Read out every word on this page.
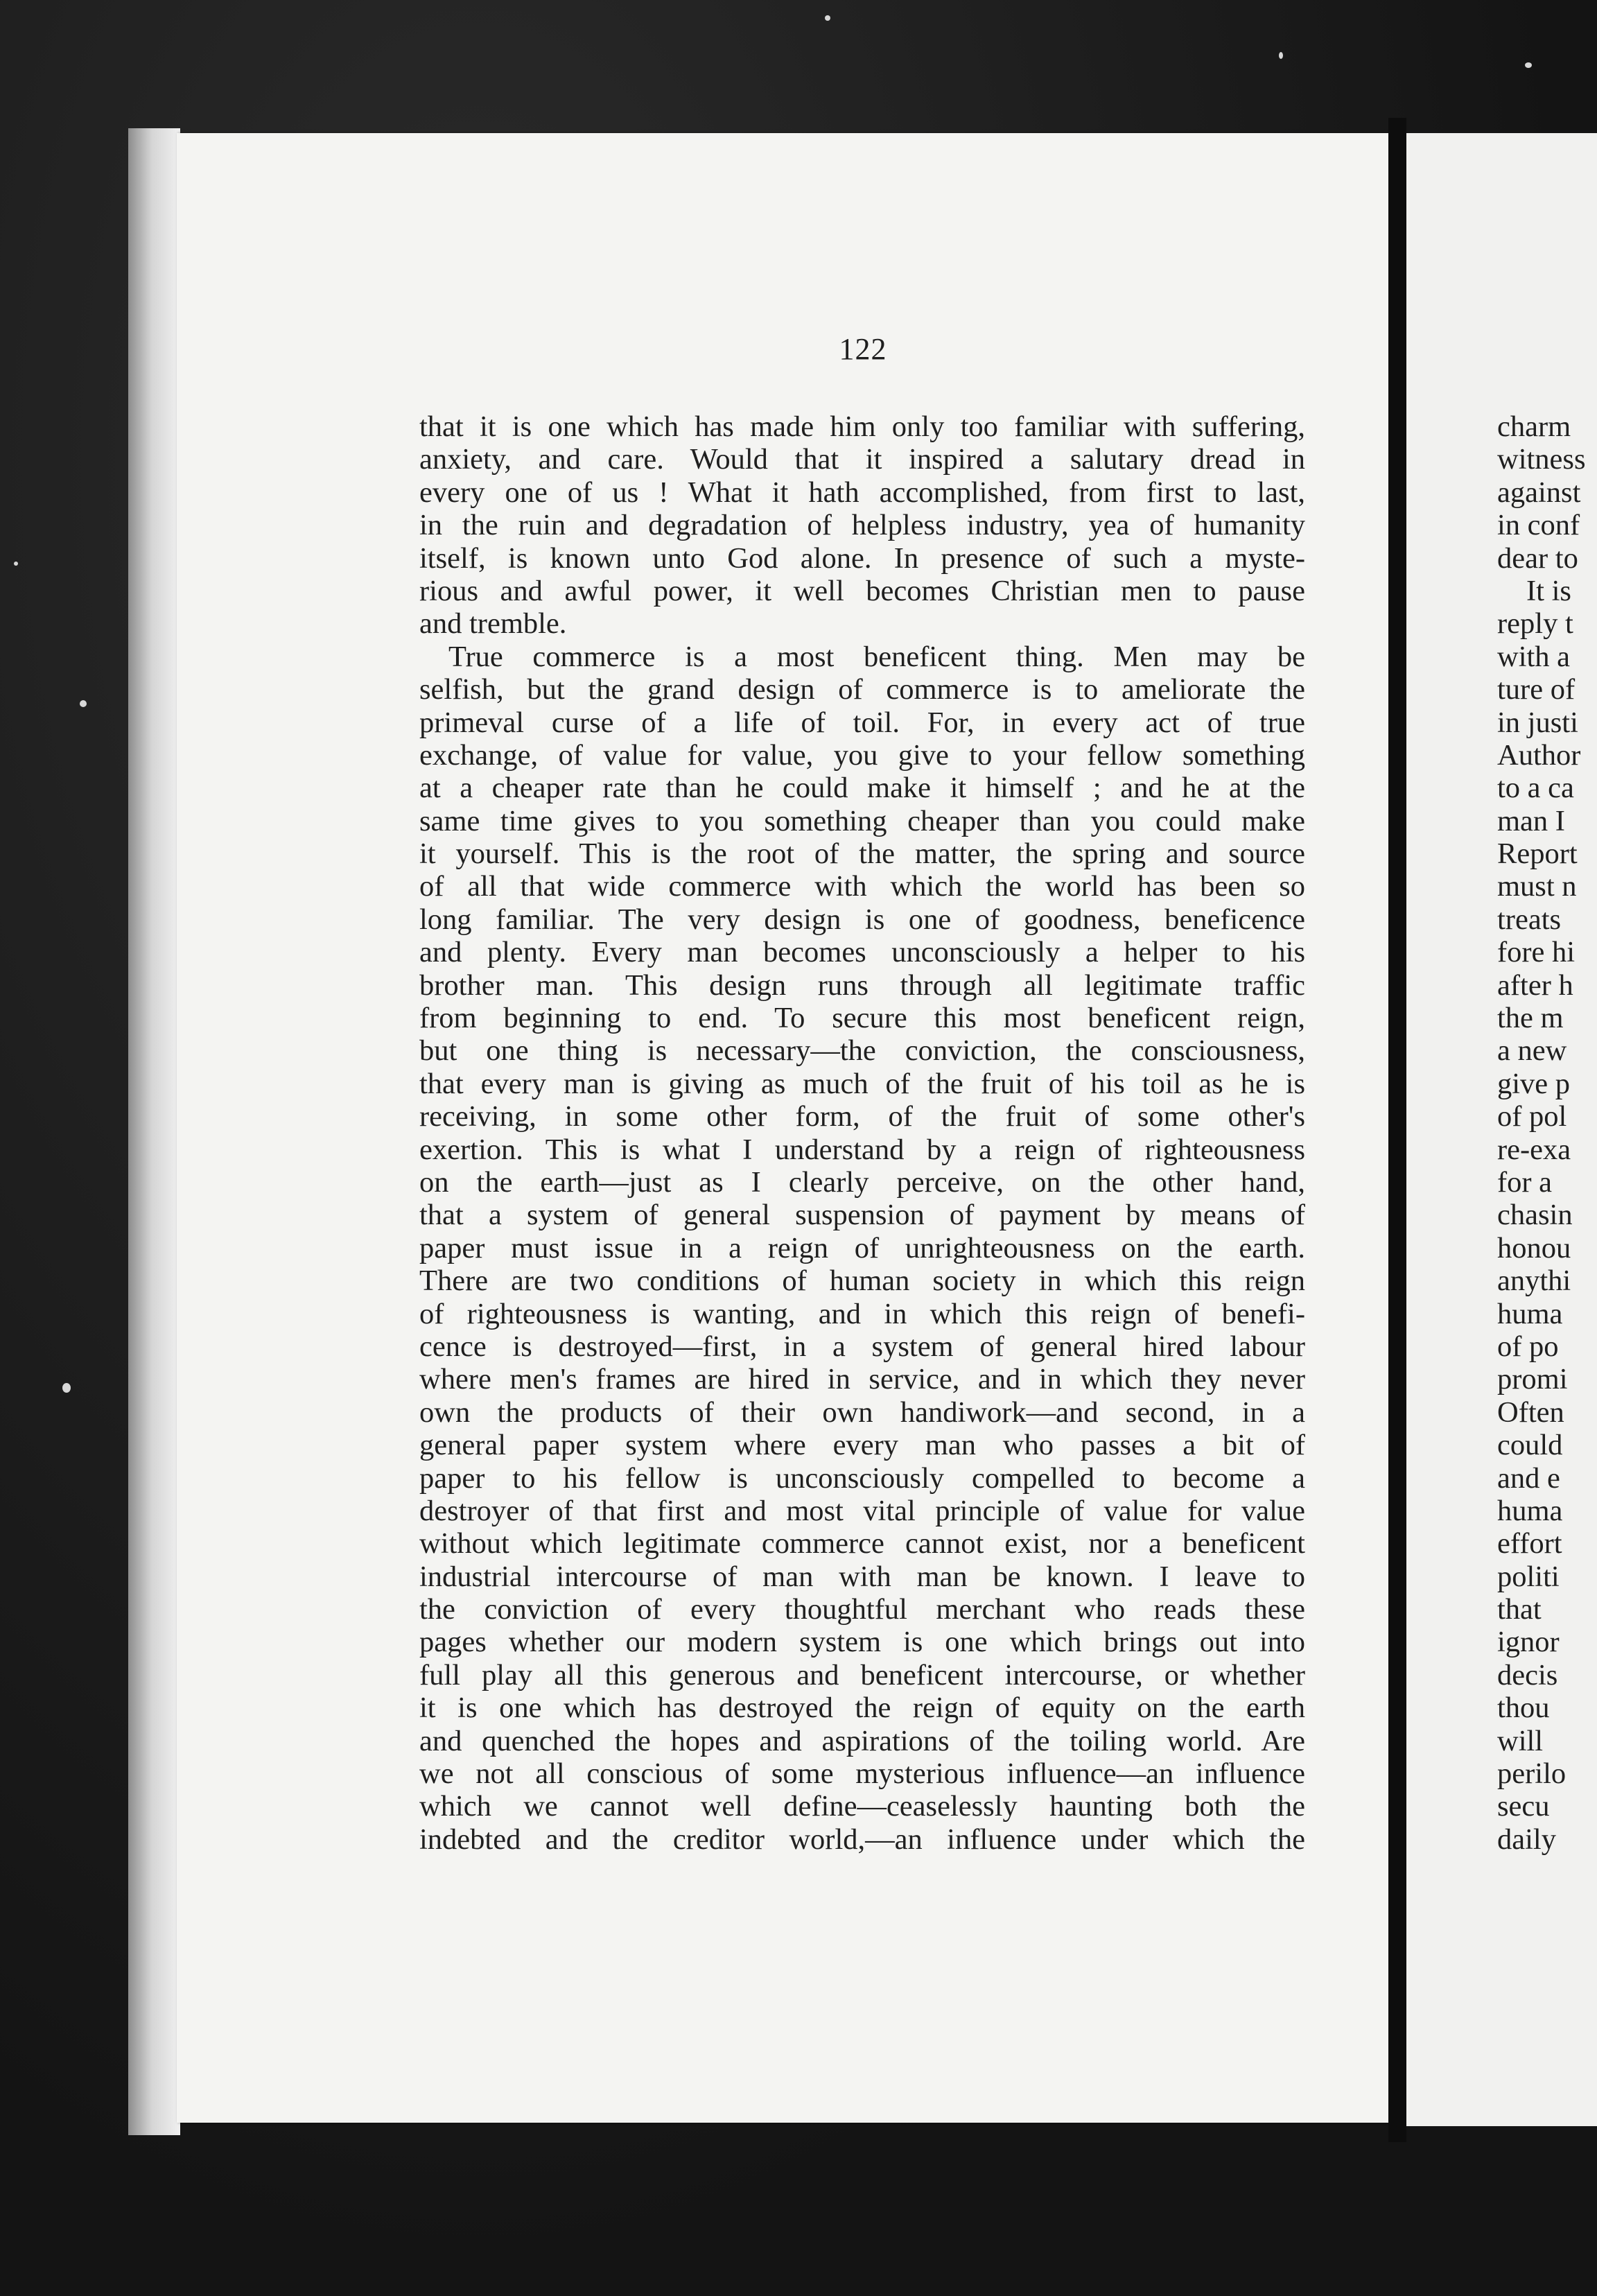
122
that it is one which has made him only too familiar with suffering,
anxiety, and care. Would that it inspired a salutary dread in
every one of us ! What it hath accomplished, from first to last,
in the ruin and degradation of helpless industry, yea of humanity
itself, is known unto God alone. In presence of such a myste-
rious and awful power, it well becomes Christian men to pause
and tremble.
True commerce is a most beneficent thing. Men may be
selfish, but the grand design of commerce is to ameliorate the
primeval curse of a life of toil. For, in every act of true
exchange, of value for value, you give to your fellow something
at a cheaper rate than he could make it himself ; and he at the
same time gives to you something cheaper than you could make
it yourself. This is the root of the matter, the spring and source
of all that wide commerce with which the world has been so
long familiar. The very design is one of goodness, beneficence
and plenty. Every man becomes unconsciously a helper to his
brother man. This design runs through all legitimate traffic
from beginning to end. To secure this most beneficent reign,
but one thing is necessary—the conviction, the consciousness,
that every man is giving as much of the fruit of his toil as he is
receiving, in some other form, of the fruit of some other's
exertion. This is what I understand by a reign of righteousness
on the earth—just as I clearly perceive, on the other hand,
that a system of general suspension of payment by means of
paper must issue in a reign of unrighteousness on the earth.
There are two conditions of human society in which this reign
of righteousness is wanting, and in which this reign of benefi-
cence is destroyed—first, in a system of general hired labour
where men's frames are hired in service, and in which they never
own the products of their own handiwork—and second, in a
general paper system where every man who passes a bit of
paper to his fellow is unconsciously compelled to become a
destroyer of that first and most vital principle of value for value
without which legitimate commerce cannot exist, nor a beneficent
industrial intercourse of man with man be known. I leave to
the conviction of every thoughtful merchant who reads these
pages whether our modern system is one which brings out into
full play all this generous and beneficent intercourse, or whether
it is one which has destroyed the reign of equity on the earth
and quenched the hopes and aspirations of the toiling world. Are
we not all conscious of some mysterious influence—an influence
which we cannot well define—ceaselessly haunting both the
indebted and the creditor world,—an influence under which the
charm
witness
against
in conf
dear to
It is
reply t
with a
ture of
in justi
Author
to a ca
man I
Report
must n
treats
fore hi
after h
the m
a new
give p
of pol
re-exa
for a
chasin
honou
anythi
huma
of po
promi
Often
could
and e
huma
effort
politi
that
ignor
decis
thou
will
perilo
secu
daily
